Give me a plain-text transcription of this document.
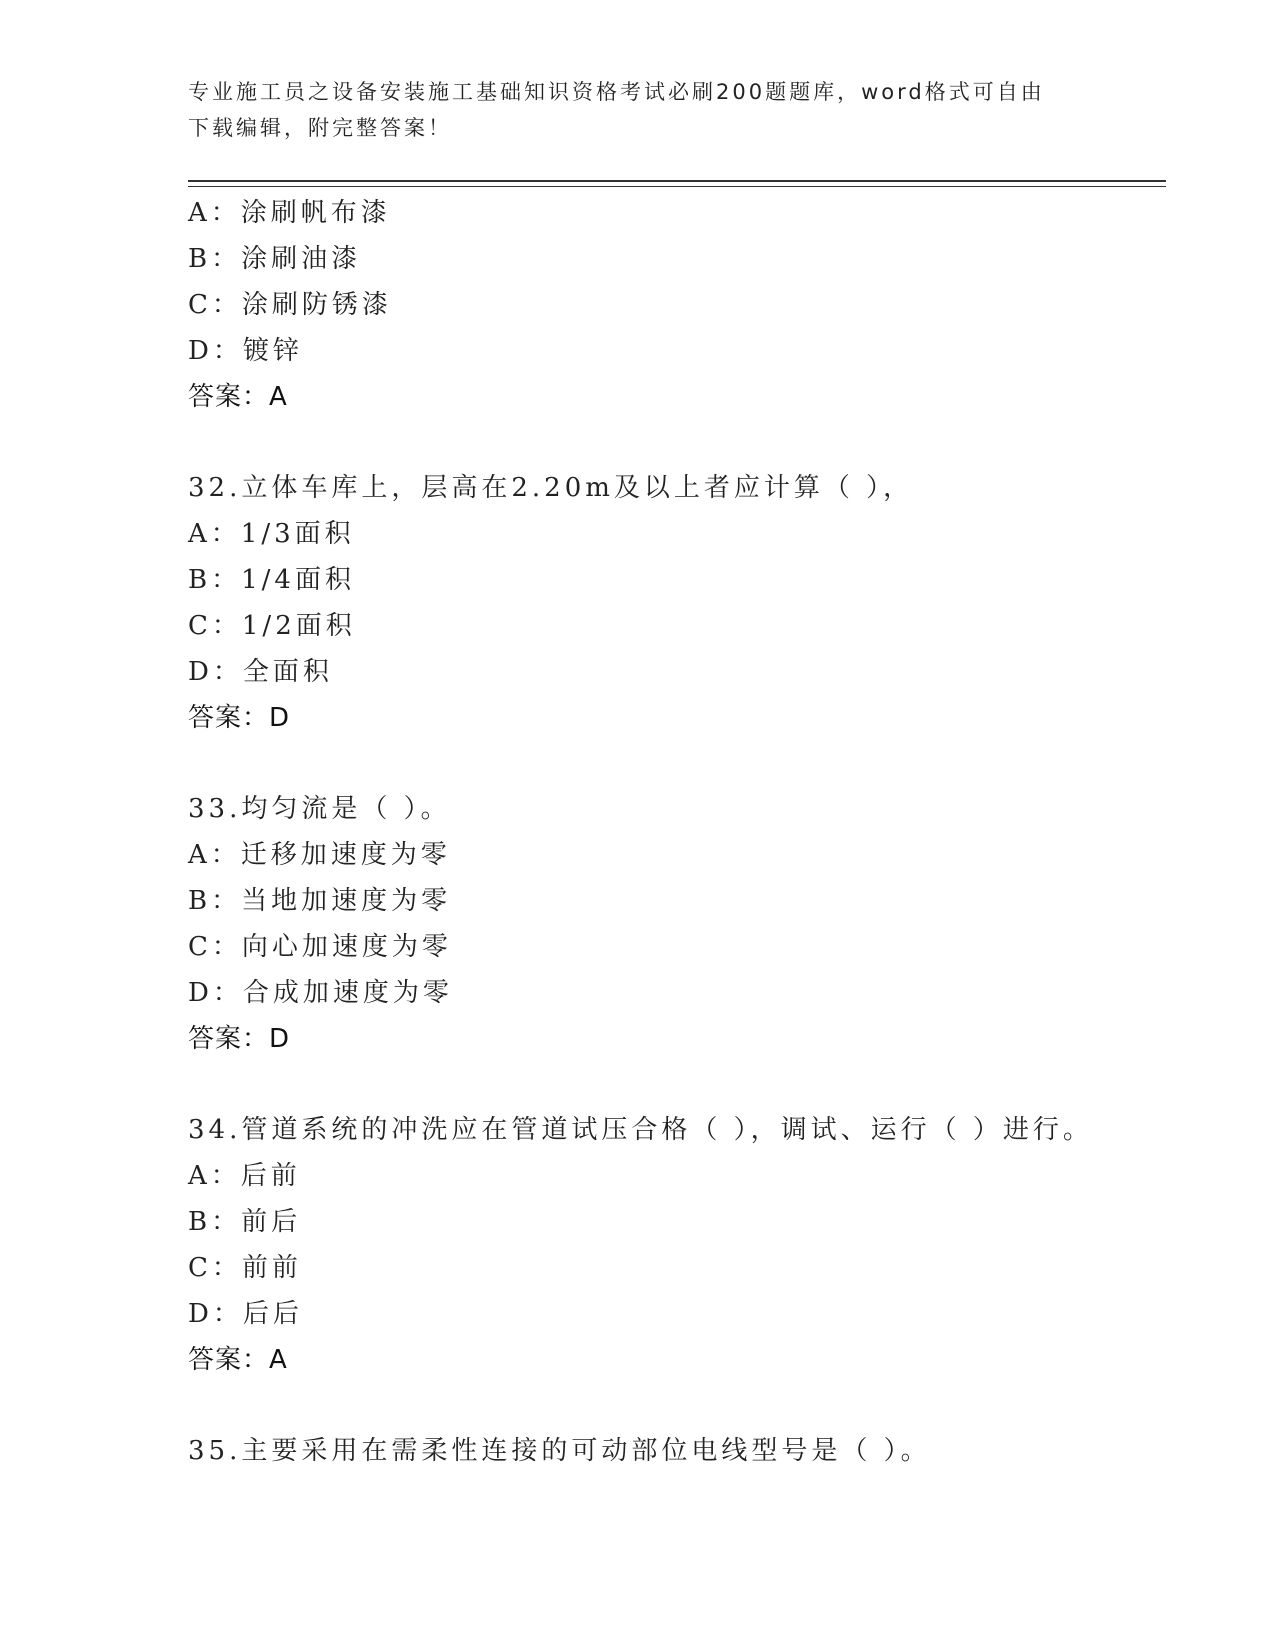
专业施工员之设备安装施工基础知识资格考试必刷200题题库，word格式可自由
下载编辑，附完整答案！
A：涂刷帆布漆
B：涂刷油漆
C：涂刷防锈漆
D：镀锌
答案：A
32.立体车库上，层高在2.20m及以上者应计算（ ），
A：1/3面积
B：1/4面积
C：1/2面积
D：全面积
答案：D
33.均匀流是（ ）。
A：迁移加速度为零
B：当地加速度为零
C：向心加速度为零
D：合成加速度为零
答案：D
34.管道系统的冲洗应在管道试压合格（ ），调试、运行（ ）进行。
A：后前
B：前后
C：前前
D：后后
答案：A
35.主要采用在需柔性连接的可动部位电线型号是（ ）。
